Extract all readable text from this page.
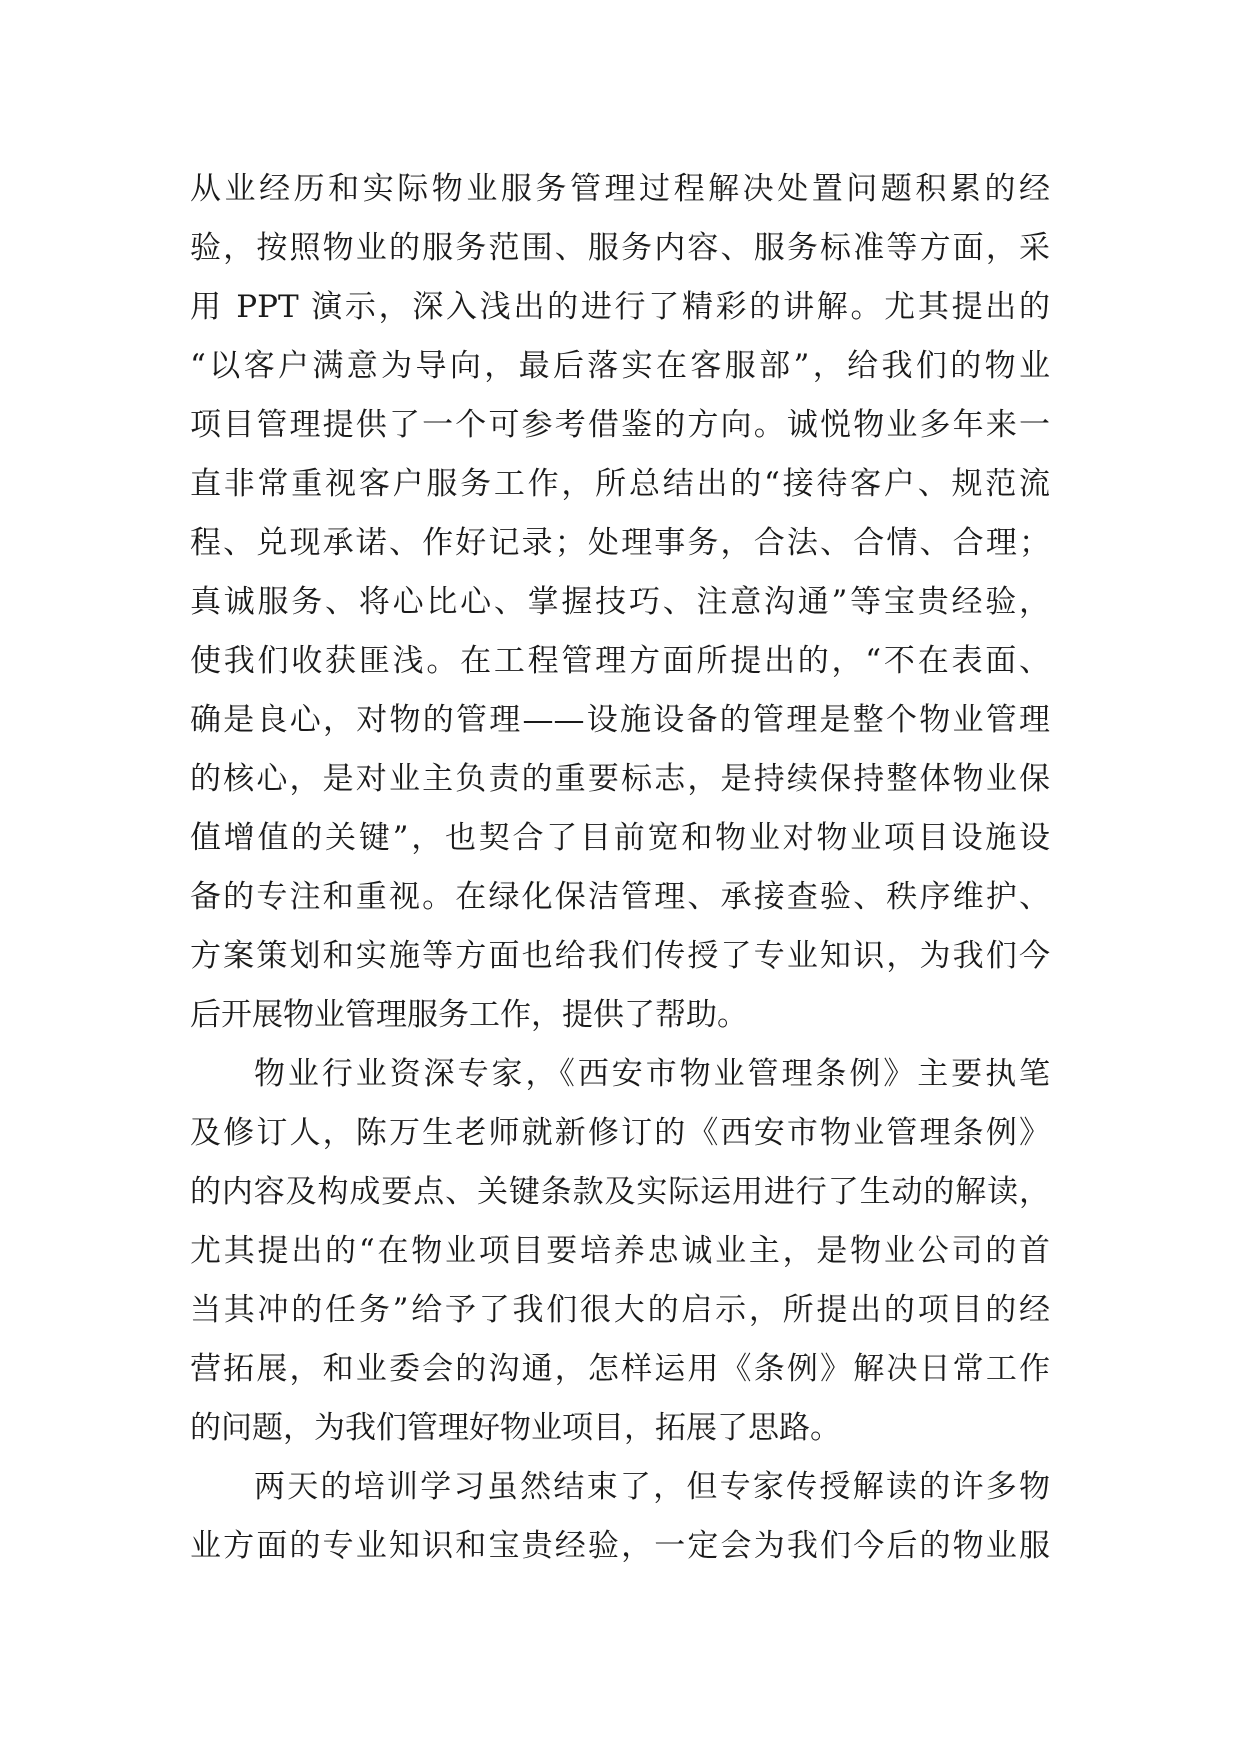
从业经历和实际物业服务管理过程解决处置问题积累的经
验，按照物业的服务范围、服务内容、服务标准等方面，采
用 PPT 演示，深入浅出的进行了精彩的讲解。尤其提出的
“以客户满意为导向，最后落实在客服部”，给我们的物业
项目管理提供了一个可参考借鉴的方向。诚悦物业多年来一
直非常重视客户服务工作，所总结出的“接待客户、规范流
程、兑现承诺、作好记录；处理事务，合法、合情、合理；
真诚服务、将心比心、掌握技巧、注意沟通”等宝贵经验，
使我们收获匪浅。在工程管理方面所提出的，“不在表面、
确是良心，对物的管理——设施设备的管理是整个物业管理
的核心，是对业主负责的重要标志，是持续保持整体物业保
值增值的关键”，也契合了目前宽和物业对物业项目设施设
备的专注和重视。在绿化保洁管理、承接查验、秩序维护、
方案策划和实施等方面也给我们传授了专业知识，为我们今
后开展物业管理服务工作，提供了帮助。
物业行业资深专家，《西安市物业管理条例》主要执笔
及修订人，陈万生老师就新修订的《西安市物业管理条例》
的内容及构成要点、关键条款及实际运用进行了生动的解读，
尤其提出的“在物业项目要培养忠诚业主，是物业公司的首
当其冲的任务”给予了我们很大的启示，所提出的项目的经
营拓展，和业委会的沟通，怎样运用《条例》解决日常工作
的问题，为我们管理好物业项目，拓展了思路。
两天的培训学习虽然结束了，但专家传授解读的许多物
业方面的专业知识和宝贵经验，一定会为我们今后的物业服
